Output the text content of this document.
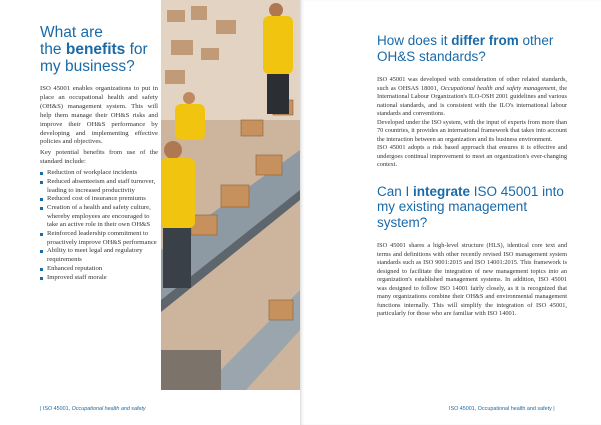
What are
the benefits for
my business?

ISO 45001 enables organizations to put in place an occupational health and safety (OH&S) management system. This will help them manage their OH&S risks and improve their OH&S performance by developing and implementing effective policies and objectives.

Key potential benefits from use of the standard include:

Reduction of workplace incidents
Reduced absenteeism and staff turnover, leading to increased productivity
Reduced cost of insurance premiums
Creation of a health and safety culture, whereby employees are encouraged to take an active role in their own OH&S
Reinforced leadership commitment to proactively improve OH&S performance
Ability to meet legal and regulatory requirements
Enhanced reputation
Improved staff morale
| ISO 45001, Occupational health and safety
How does it differ from other
OH&S standards?

ISO 45001 was developed with consideration of other related standards, such as OHSAS 18001, Occupational health and safety management, the International Labour Organization's ILO-OSH 2001 guidelines and various national standards, and is consistent with the ILO's international labour standards and conventions.

Developed under the ISO system, with the input of experts from more than 70 countries, it provides an international framework that takes into account the interaction between an organization and its business environment.

ISO 45001 adopts a risk based approach that ensures it is effective and undergoes continual improvement to meet an organization's ever-changing context.

Can I integrate ISO 45001 into
my existing management system?

ISO 45001 shares a high-level structure (HLS), identical core text and terms and definitions with other recently revised ISO management system standards such as ISO 9001:2015 and ISO 14001:2015. This framework is designed to facilitate the integration of new management topics into an organization's established management systems. In addition, ISO 45001 was designed to follow ISO 14001 fairly closely, as it is recognized that many organizations combine their OH&S and environmental management functions internally. This will simplify the integration of ISO 45001, particularly for those who are familiar with ISO 14001.

ISO 45001, Occupational health and safety |
